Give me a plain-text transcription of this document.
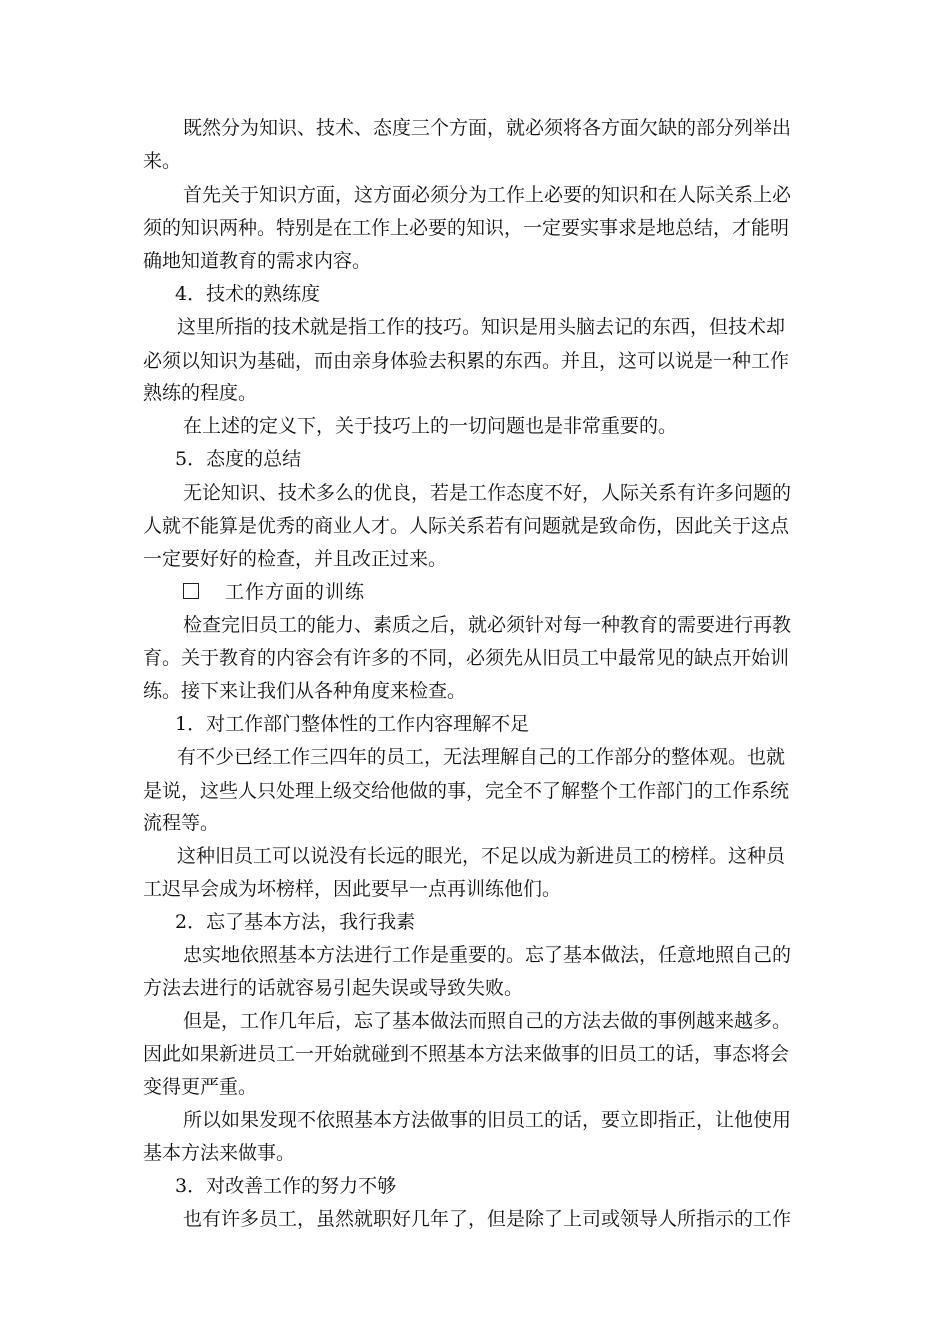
既然分为知识、技术、态度三个方面，就必须将各方面欠缺的部分列举出
来。
首先关于知识方面，这方面必须分为工作上必要的知识和在人际关系上必
须的知识两种。特别是在工作上必要的知识，一定要实事求是地总结，才能明
确地知道教育的需求内容。
4．技术的熟练度
这里所指的技术就是指工作的技巧。知识是用头脑去记的东西，但技术却
必须以知识为基础，而由亲身体验去积累的东西。并且，这可以说是一种工作
熟练的程度。
在上述的定义下，关于技巧上的一切问题也是非常重要的。
5．态度的总结
无论知识、技术多么的优良，若是工作态度不好，人际关系有许多问题的
人就不能算是优秀的商业人才。人际关系若有问题就是致命伤，因此关于这点
一定要好好的检查，并且改正过来。
工作方面的训练
检查完旧员工的能力、素质之后，就必须针对每一种教育的需要进行再教
育。关于教育的内容会有许多的不同，必须先从旧员工中最常见的缺点开始训
练。接下来让我们从各种角度来检查。
1．对工作部门整体性的工作内容理解不足
有不少已经工作三四年的员工，无法理解自己的工作部分的整体观。也就
是说，这些人只处理上级交给他做的事，完全不了解整个工作部门的工作系统
流程等。
这种旧员工可以说没有长远的眼光，不足以成为新进员工的榜样。这种员
工迟早会成为坏榜样，因此要早一点再训练他们。
2．忘了基本方法，我行我素
忠实地依照基本方法进行工作是重要的。忘了基本做法，任意地照自己的
方法去进行的话就容易引起失误或导致失败。
但是，工作几年后，忘了基本做法而照自己的方法去做的事例越来越多。
因此如果新进员工一开始就碰到不照基本方法来做事的旧员工的话，事态将会
变得更严重。
所以如果发现不依照基本方法做事的旧员工的话，要立即指正，让他使用
基本方法来做事。
3．对改善工作的努力不够
也有许多员工，虽然就职好几年了，但是除了上司或领导人所指示的工作
